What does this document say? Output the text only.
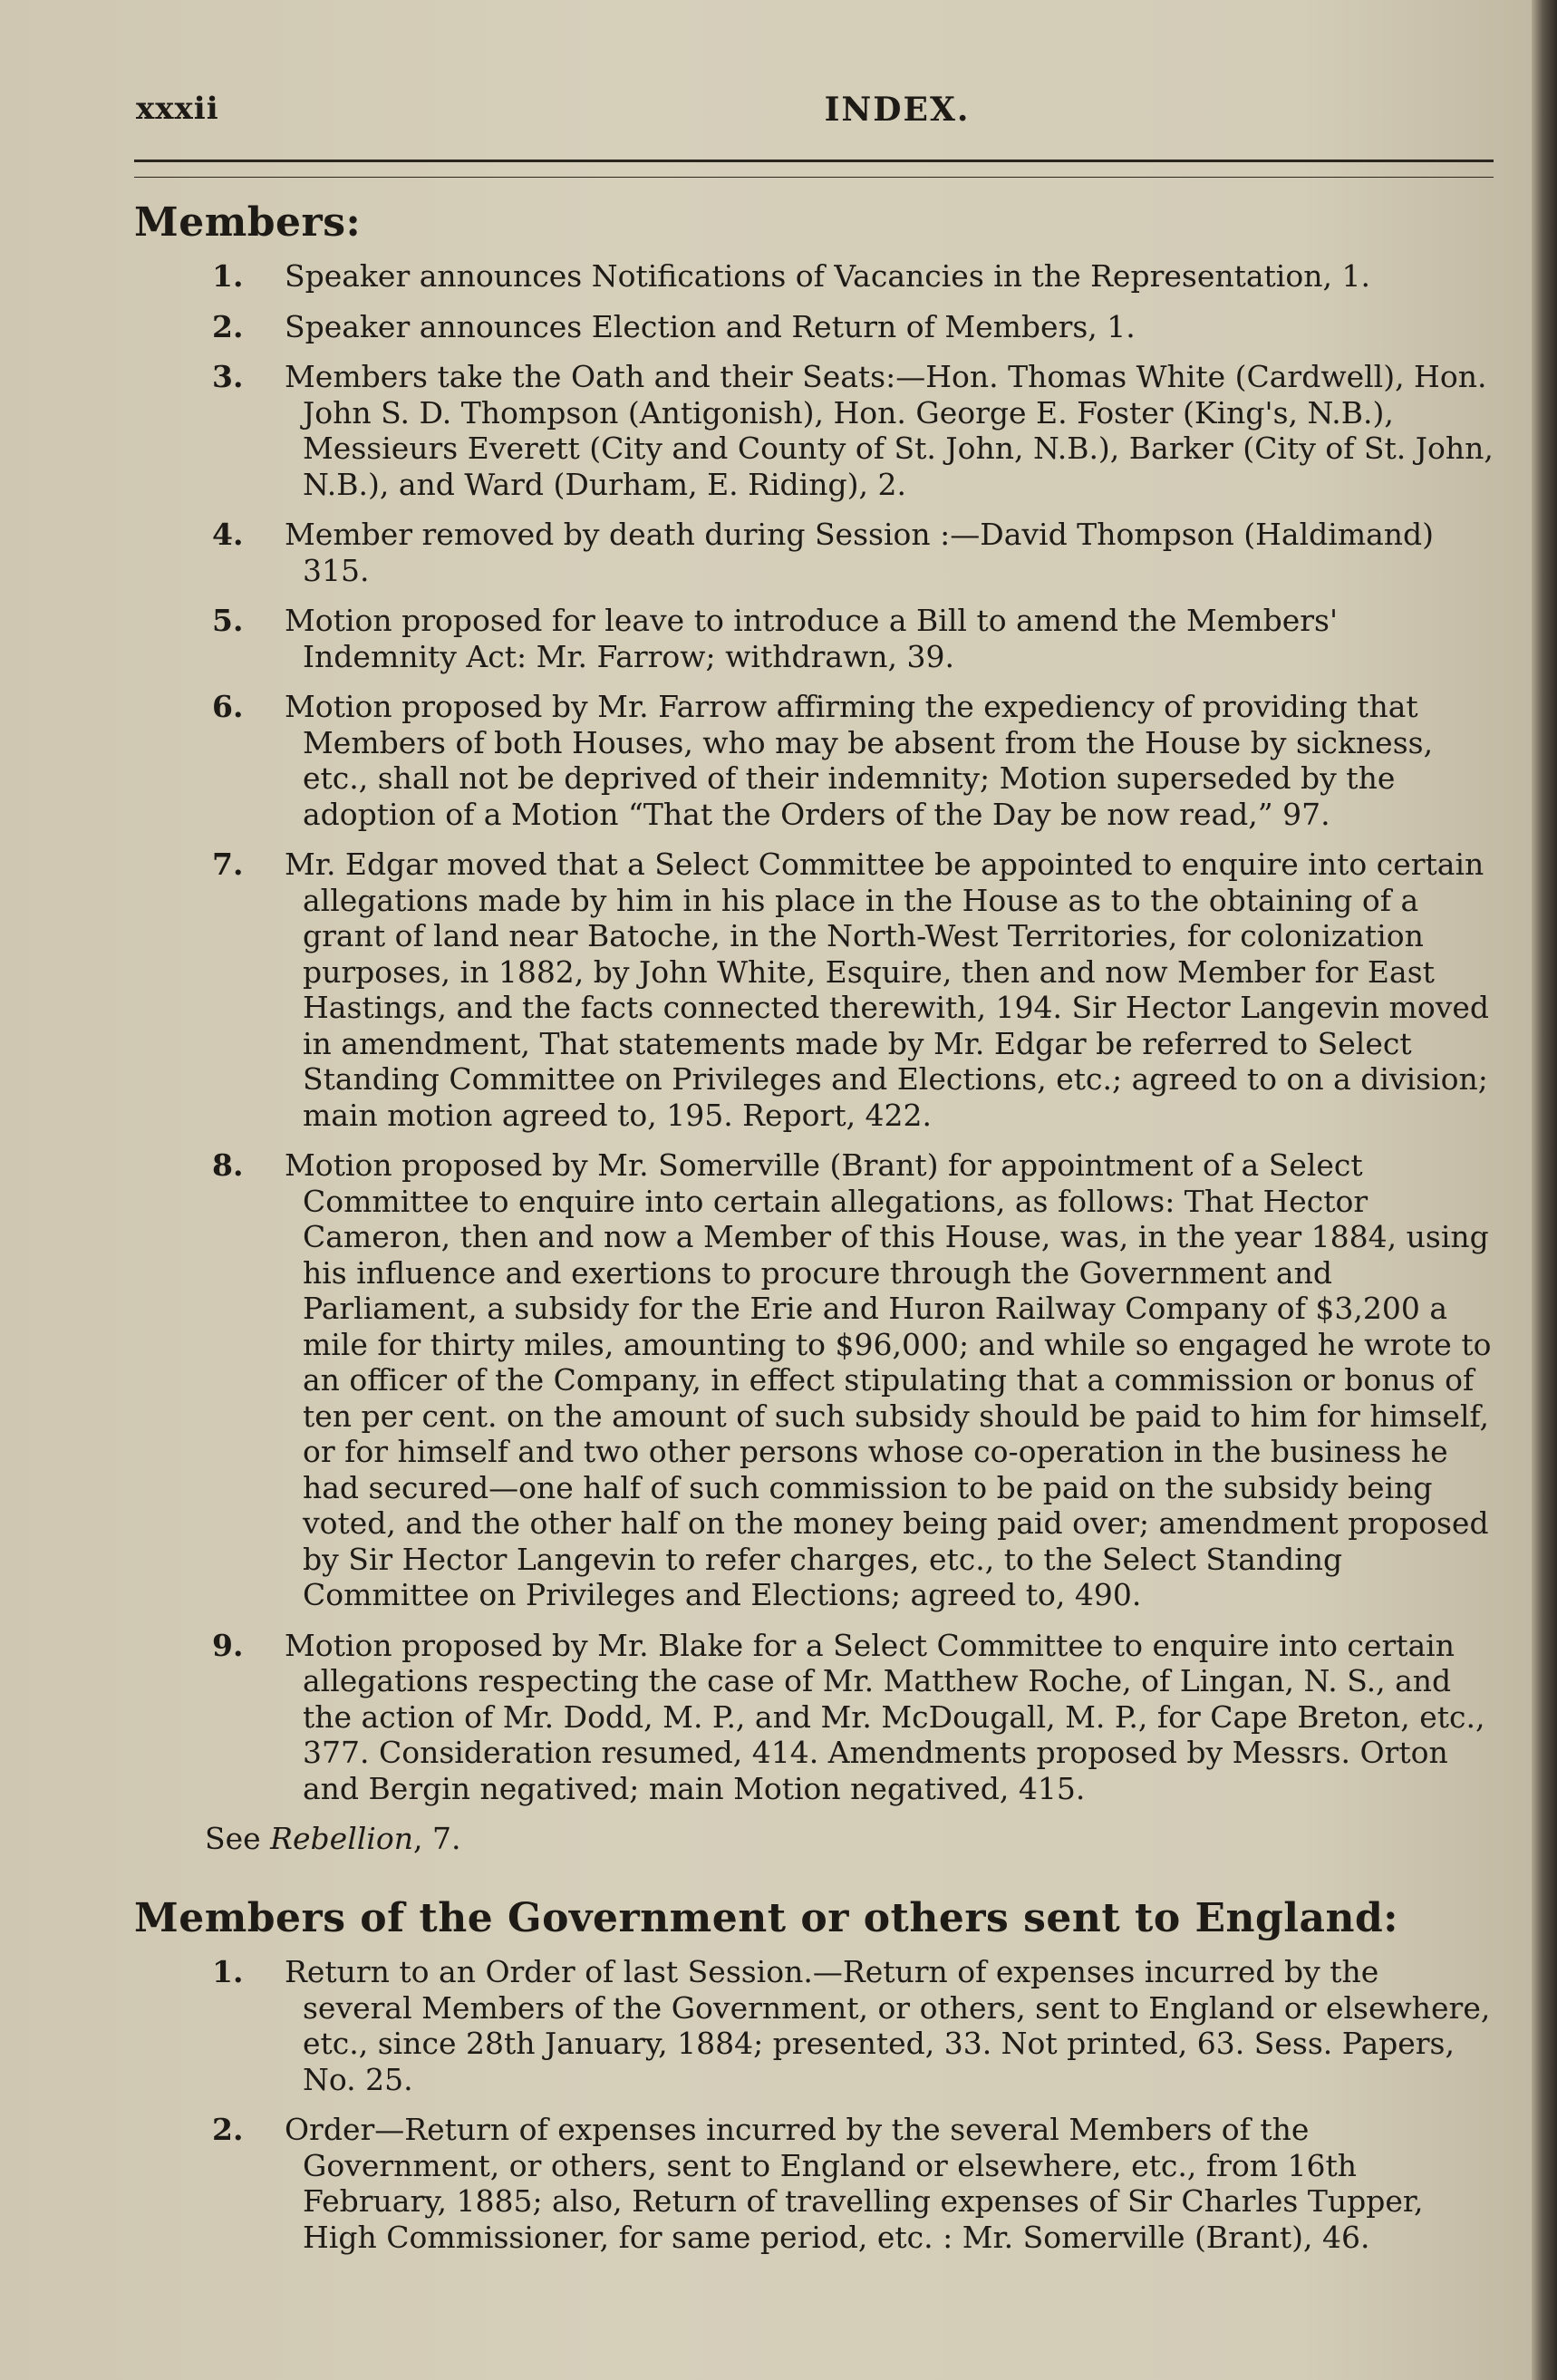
xxxii	INDEX.
Members:
1. Speaker announces Notifications of Vacancies in the Representation, 1.
2. Speaker announces Election and Return of Members, 1.
3. Members take the Oath and their Seats:—Hon. Thomas White (Cardwell), Hon. John S. D. Thompson (Antigonish), Hon. George E. Foster (King's, N.B.), Messieurs Everett (City and County of St. John, N.B.), Barker (City of St. John, N.B.), and Ward (Durham, E. Riding), 2.
4. Member removed by death during Session :—David Thompson (Haldimand) 315.
5. Motion proposed for leave to introduce a Bill to amend the Members' Indemnity Act: Mr. Farrow; withdrawn, 39.
6. Motion proposed by Mr. Farrow affirming the expediency of providing that Members of both Houses, who may be absent from the House by sickness, etc., shall not be deprived of their indemnity; Motion superseded by the adoption of a Motion “That the Orders of the Day be now read,” 97.
7. Mr. Edgar moved that a Select Committee be appointed to enquire into certain allegations made by him in his place in the House as to the obtaining of a grant of land near Batoche, in the North-West Territories, for colonization purposes, in 1882, by John White, Esquire, then and now Member for East Hastings, and the facts connected therewith, 194. Sir Hector Langevin moved in amendment, That statements made by Mr. Edgar be referred to Select Standing Committee on Privileges and Elections, etc.; agreed to on a division; main motion agreed to, 195. Report, 422.
8. Motion proposed by Mr. Somerville (Brant) for appointment of a Select Committee to enquire into certain allegations, as follows: That Hector Cameron, then and now a Member of this House, was, in the year 1884, using his influence and exertions to procure through the Government and Parliament, a subsidy for the Erie and Huron Railway Company of $3,200 a mile for thirty miles, amounting to $96,000; and while so engaged he wrote to an officer of the Company, in effect stipulating that a commission or bonus of ten per cent. on the amount of such subsidy should be paid to him for himself, or for himself and two other persons whose co-operation in the business he had secured—one half of such commission to be paid on the subsidy being voted, and the other half on the money being paid over; amendment proposed by Sir Hector Langevin to refer charges, etc., to the Select Standing Committee on Privileges and Elections; agreed to, 490.
9. Motion proposed by Mr. Blake for a Select Committee to enquire into certain allegations respecting the case of Mr. Matthew Roche, of Lingan, N. S., and the action of Mr. Dodd, M. P., and Mr. McDougall, M. P., for Cape Breton, etc., 377. Consideration resumed, 414. Amendments proposed by Messrs. Orton and Bergin negatived; main Motion negatived, 415.
See Rebellion, 7.
Members of the Government or others sent to England:
1. Return to an Order of last Session.—Return of expenses incurred by the several Members of the Government, or others, sent to England or elsewhere, etc., since 28th January, 1884; presented, 33. Not printed, 63. Sess. Papers, No. 25.
2. Order—Return of expenses incurred by the several Members of the Government, or others, sent to England or elsewhere, etc., from 16th February, 1885; also, Return of travelling expenses of Sir Charles Tupper, High Commissioner, for same period, etc. : Mr. Somerville (Brant), 46.
